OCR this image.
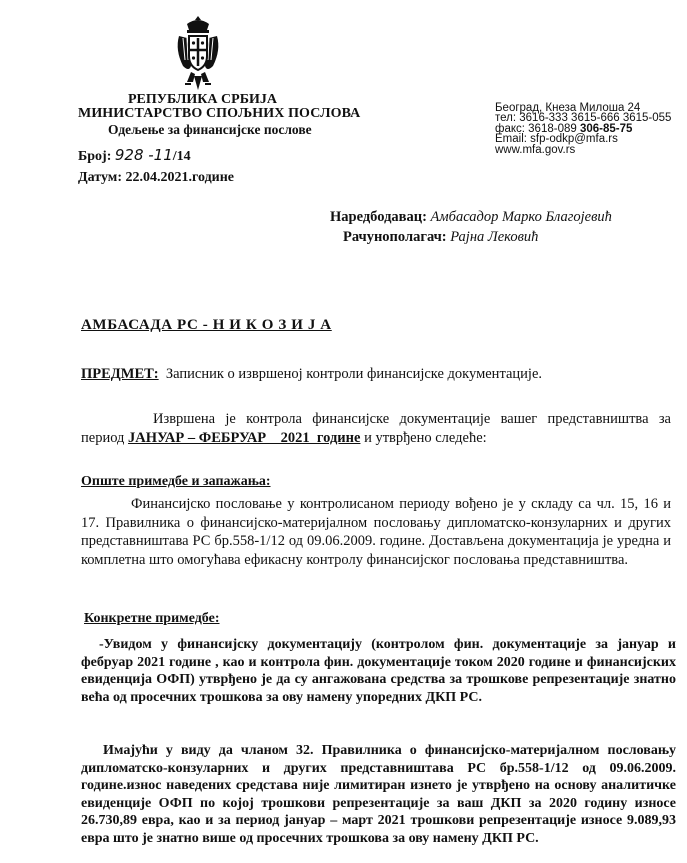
РЕПУБЛИКА СРБИЈА
МИНИСТАРСТВО СПОЉНИХ ПОСЛОВА
Одељење за финансијске послове
Број: 928 -11/14
Датум: 22.04.2021.године
Београд, Кнеза Милоша 24
тел: 3616-333 3615-666 3615-055
факс: 3618-089 306-85-75
Email: sfp-odkp@mfa.rs
www.mfa.gov.rs
Наредбодавац: Амбасадор Марко Благојевић
Рачунополагач: Рајна Лековић
АМБАСАДА РС - Н И К О З И Ј А
ПРЕДМЕТ: Записник о извршеној контроли финансијске документације.
Извршена је контрола финансијске документације вашег представништва за период ЈАНУАР – ФЕБРУАР    2021  године и утврђено следеће:
Опште примедбе и запажања:
Финансијско пословање у контролисаном периоду вођено је у складу са чл. 15, 16 и 17. Правилника о финансијско-материјалном пословању дипломатско-конзуларних и других представништава РС бр.558-1/12 од 09.06.2009. године. Достављена документација је уредна и комплетна што омогућава ефикасну контролу финансијског пословања представништва.
Конкретне примедбе:
-Увидом у финансијску документацију (контролом фин. документације за јануар и фебруар 2021 године , као и контрола фин. документације током 2020 године и финансијских евиденција ОФП) утврђено је да су ангажована средства за трошкове репрезентације знатно већа од просечних трошкова за ову намену упоредних ДКП РС.
Имајући у виду да чланом 32. Правилника о финансијско-материјалном пословању дипломатско-конзуларних и других представништава РС бр.558-1/12 од 09.06.2009. године.износ наведених средстава није лимитиран изнето је утврђено на основу аналитичке евиденције ОФП по којој трошкови репрезентације за ваш ДКП за 2020 годину износе 26.730,89 евра, као и за период јануар – март 2021 трошкови репрезентације износе 9.089,93 евра што је знатно више од просечних трошкова за ову намену ДКП РС.
